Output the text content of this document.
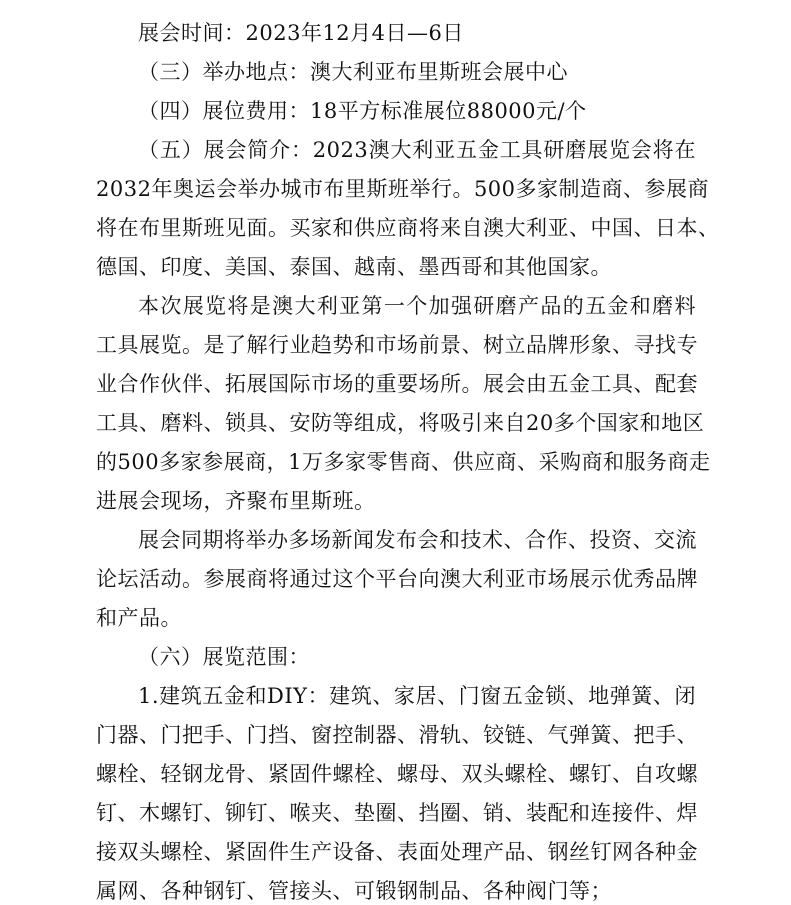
展会时间：2023年12月4日—6日
（三）举办地点：澳大利亚布里斯班会展中心
（四）展位费用：18平方标准展位88000元/个
（五）展会简介：2023澳大利亚五金工具研磨展览会将在
2032年奥运会举办城市布里斯班举行。500多家制造商、参展商
将在布里斯班见面。买家和供应商将来自澳大利亚、中国、日本、
德国、印度、美国、泰国、越南、墨西哥和其他国家。
本次展览将是澳大利亚第一个加强研磨产品的五金和磨料
工具展览。是了解行业趋势和市场前景、树立品牌形象、寻找专
业合作伙伴、拓展国际市场的重要场所。展会由五金工具、配套
工具、磨料、锁具、安防等组成，将吸引来自20多个国家和地区
的500多家参展商，1万多家零售商、供应商、采购商和服务商走
进展会现场，齐聚布里斯班。
展会同期将举办多场新闻发布会和技术、合作、投资、交流
论坛活动。参展商将通过这个平台向澳大利亚市场展示优秀品牌
和产品。
（六）展览范围：
1.建筑五金和DIY：建筑、家居、门窗五金锁、地弹簧、闭
门器、门把手、门挡、窗控制器、滑轨、铰链、气弹簧、把手、
螺栓、轻钢龙骨、紧固件螺栓、螺母、双头螺栓、螺钉、自攻螺
钉、木螺钉、铆钉、喉夹、垫圈、挡圈、销、装配和连接件、焊
接双头螺栓、紧固件生产设备、表面处理产品、钢丝钉网各种金
属网、各种钢钉、管接头、可锻钢制品、各种阀门等；
